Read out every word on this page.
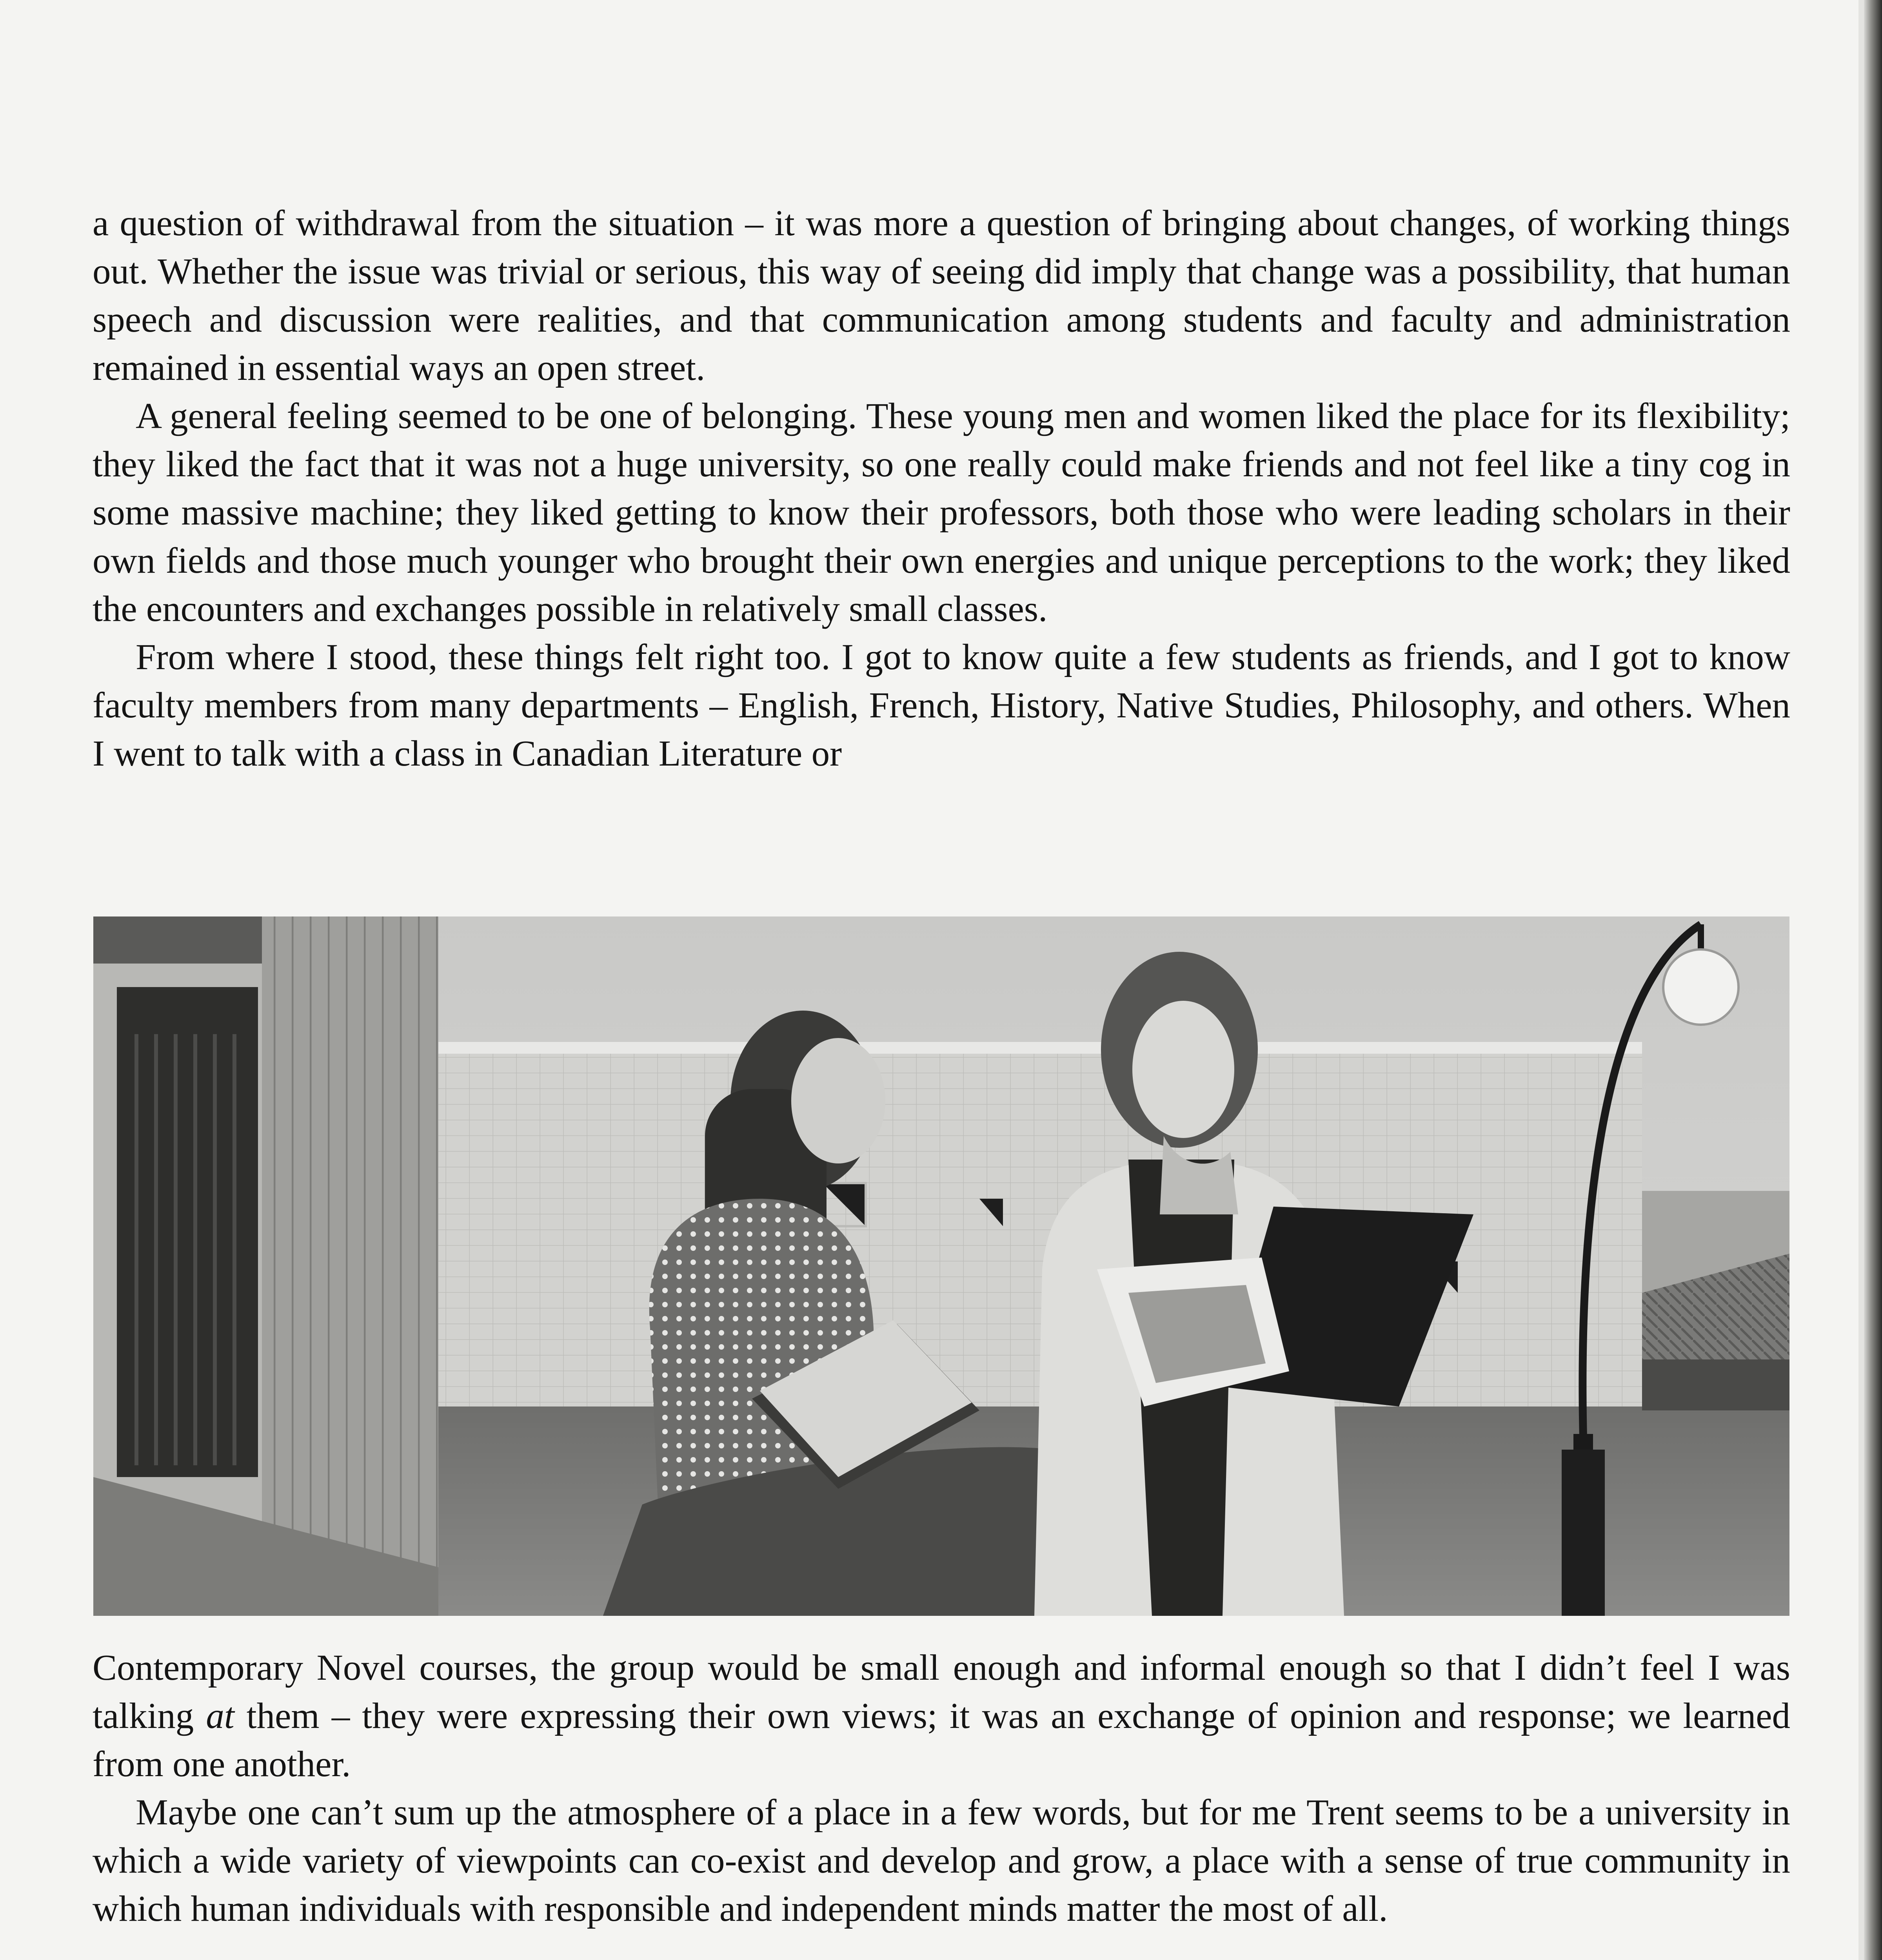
a question of withdrawal from the situation – it was more a question of bringing about changes, of working things out. Whether the issue was trivial or serious, this way of seeing did imply that change was a possibility, that human speech and discussion were realities, and that communication among students and faculty and administration remained in essential ways an open street.

A general feeling seemed to be one of belonging. These young men and women liked the place for its flexibility; they liked the fact that it was not a huge university, so one really could make friends and not feel like a tiny cog in some massive machine; they liked getting to know their professors, both those who were leading scholars in their own fields and those much younger who brought their own energies and unique perceptions to the work; they liked the encounters and exchanges possible in relatively small classes.

From where I stood, these things felt right too. I got to know quite a few students as friends, and I got to know faculty members from many departments – English, French, History, Native Studies, Philosophy, and others. When I went to talk with a class in Canadian Literature or

Contemporary Novel courses, the group would be small enough and informal enough so that I didn’t feel I was talking at them – they were expressing their own views; it was an exchange of opinion and response; we learned from one another.

Maybe one can’t sum up the atmosphere of a place in a few words, but for me Trent seems to be a university in which a wide variety of viewpoints can co-exist and develop and grow, a place with a sense of true community in which human individuals with responsible and independent minds matter the most of all.
